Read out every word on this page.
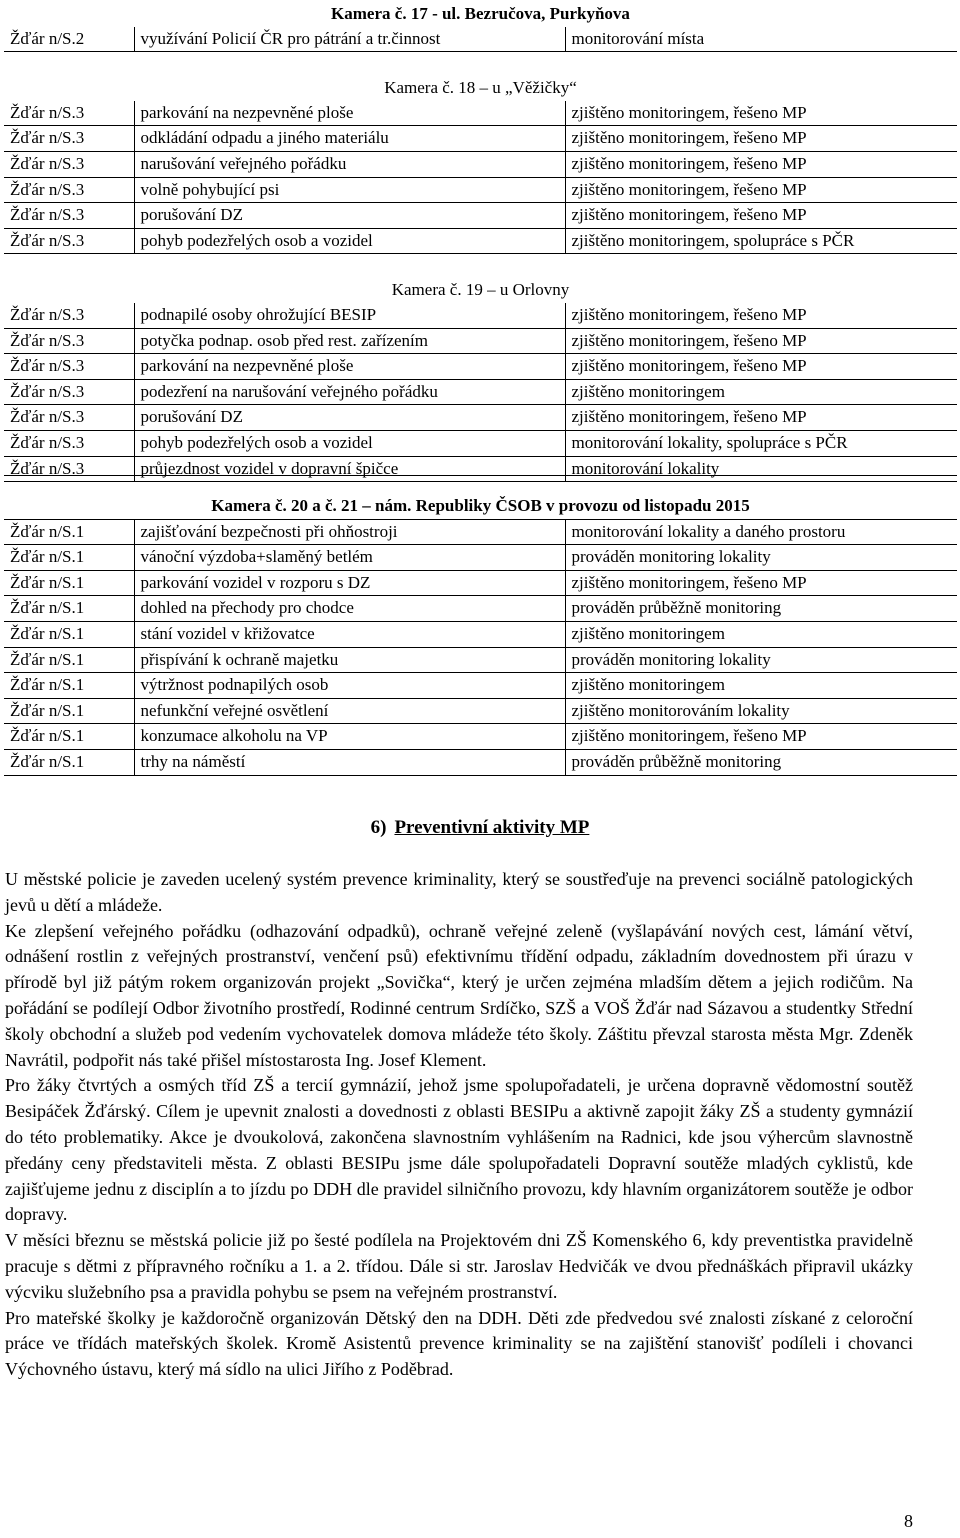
Kamera č. 17 - ul. Bezručova, Purkyňova		
Žďár n/S.2	využívání Policií ČR pro pátrání a tr.činnost	monitorování místa

Kamera č. 18 – u „Věžičky“		
Žďár n/S.3	parkování na nezpevněné ploše	zjištěno monitoringem, řešeno MP
Žďár n/S.3	odkládání odpadu a jiného materiálu	zjištěno monitoringem, řešeno MP
Žďár n/S.3	narušování veřejného pořádku	zjištěno monitoringem, řešeno MP
Žďár n/S.3	volně pohybující psi	zjištěno monitoringem, řešeno MP
Žďár n/S.3	porušování DZ	zjištěno monitoringem, řešeno MP
Žďár n/S.3	pohyb podezřelých osob a vozidel	zjištěno monitoringem, spolupráce s PČR

Kamera č. 19 – u Orlovny		
Žďár n/S.3	podnapilé osoby ohrožující BESIP	zjištěno monitoringem, řešeno MP
Žďár n/S.3	potyčka podnap. osob před rest. zařízením	zjištěno monitoringem, řešeno MP
Žďár n/S.3	parkování na nezpevněné ploše	zjištěno monitoringem, řešeno MP
Žďár n/S.3	podezření na narušování veřejného pořádku	zjištěno monitoringem
Žďár n/S.3	porušování DZ	zjištěno monitoringem, řešeno MP
Žďár n/S.3	pohyb podezřelých osob a vozidel	monitorování lokality, spolupráce s PČR
Žďár n/S.3	průjezdnost vozidel v dopravní špičce	monitorování lokality
Kamera č. 20 a č. 21 – nám. Republiky ČSOB v provozu od listopadu 2015		
Žďár n/S.1	zajišťování bezpečnosti při ohňostroji	monitorování lokality a daného prostoru
Žďár n/S.1	vánoční výzdoba+slaměný betlém	prováděn monitoring lokality
Žďár n/S.1	parkování vozidel v rozporu s DZ	zjištěno monitoringem, řešeno MP
Žďár n/S.1	dohled na přechody pro chodce	prováděn průběžně monitoring
Žďár n/S.1	stání vozidel v křižovatce	zjištěno monitoringem
Žďár n/S.1	přispívání k ochraně majetku	prováděn monitoring lokality
Žďár n/S.1	výtržnost podnapilých osob	zjištěno monitoringem
Žďár n/S.1	nefunkční veřejné osvětlení	zjištěno monitorováním lokality
Žďár n/S.1	konzumace alkoholu na VP	zjištěno monitoringem, řešeno MP
Žďár n/S.1	trhy na náměstí	prováděn průběžně monitoring
6) Preventivní aktivity MP

U městské policie je zaveden ucelený systém prevence kriminality, který se soustřeďuje na prevenci sociálně patologických jevů u dětí a mládeže.

Ke zlepšení veřejného pořádku (odhazování odpadků), ochraně veřejné zeleně (vyšlapávání nových cest, lámání větví, odnášení rostlin z veřejných prostranství, venčení psů) efektivnímu třídění odpadu, základním dovednostem při úrazu v přírodě byl již pátým rokem organizován projekt „Sovička“, který je určen zejména mladším dětem a jejich rodičům. Na pořádání se podílejí Odbor životního prostředí, Rodinné centrum Srdíčko, SZŠ a VOŠ Žďár nad Sázavou a studentky Střední školy obchodní a služeb pod vedením vychovatelek domova mládeže této školy. Záštitu převzal starosta města Mgr. Zdeněk Navrátil, podpořit nás také přišel místostarosta Ing. Josef Klement.

Pro žáky čtvrtých a osmých tříd ZŠ a tercií gymnázií, jehož jsme spolupořadateli, je určena dopravně vědomostní soutěž Besipáček Žďárský. Cílem je upevnit znalosti a dovednosti z oblasti BESIPu a aktivně zapojit žáky ZŠ a studenty gymnázií do této problematiky. Akce je dvoukolová, zakončena slavnostním vyhlášením na Radnici, kde jsou výhercům slavnostně předány ceny představiteli města. Z oblasti BESIPu jsme dále spolupořadateli Dopravní soutěže mladých cyklistů, kde zajišťujeme jednu z disciplín a to jízdu po DDH dle pravidel silničního provozu, kdy hlavním organizátorem soutěže je odbor dopravy.

V měsíci březnu se městská policie již po šesté podílela na Projektovém dni ZŠ Komenského 6, kdy preventistka pravidelně pracuje s dětmi z přípravného ročníku a 1. a 2. třídou. Dále si str. Jaroslav Hedvičák ve dvou přednáškách připravil ukázky výcviku služebního psa a pravidla pohybu se psem na veřejném prostranství.

Pro mateřské školky je každoročně organizován Dětský den na DDH. Děti zde předvedou své znalosti získané z celoroční práce ve třídách mateřských školek. Kromě Asistentů prevence kriminality se na zajištění stanovišť podíleli i chovanci Výchovného ústavu, který má sídlo na ulici Jiřího z Poděbrad.

8
